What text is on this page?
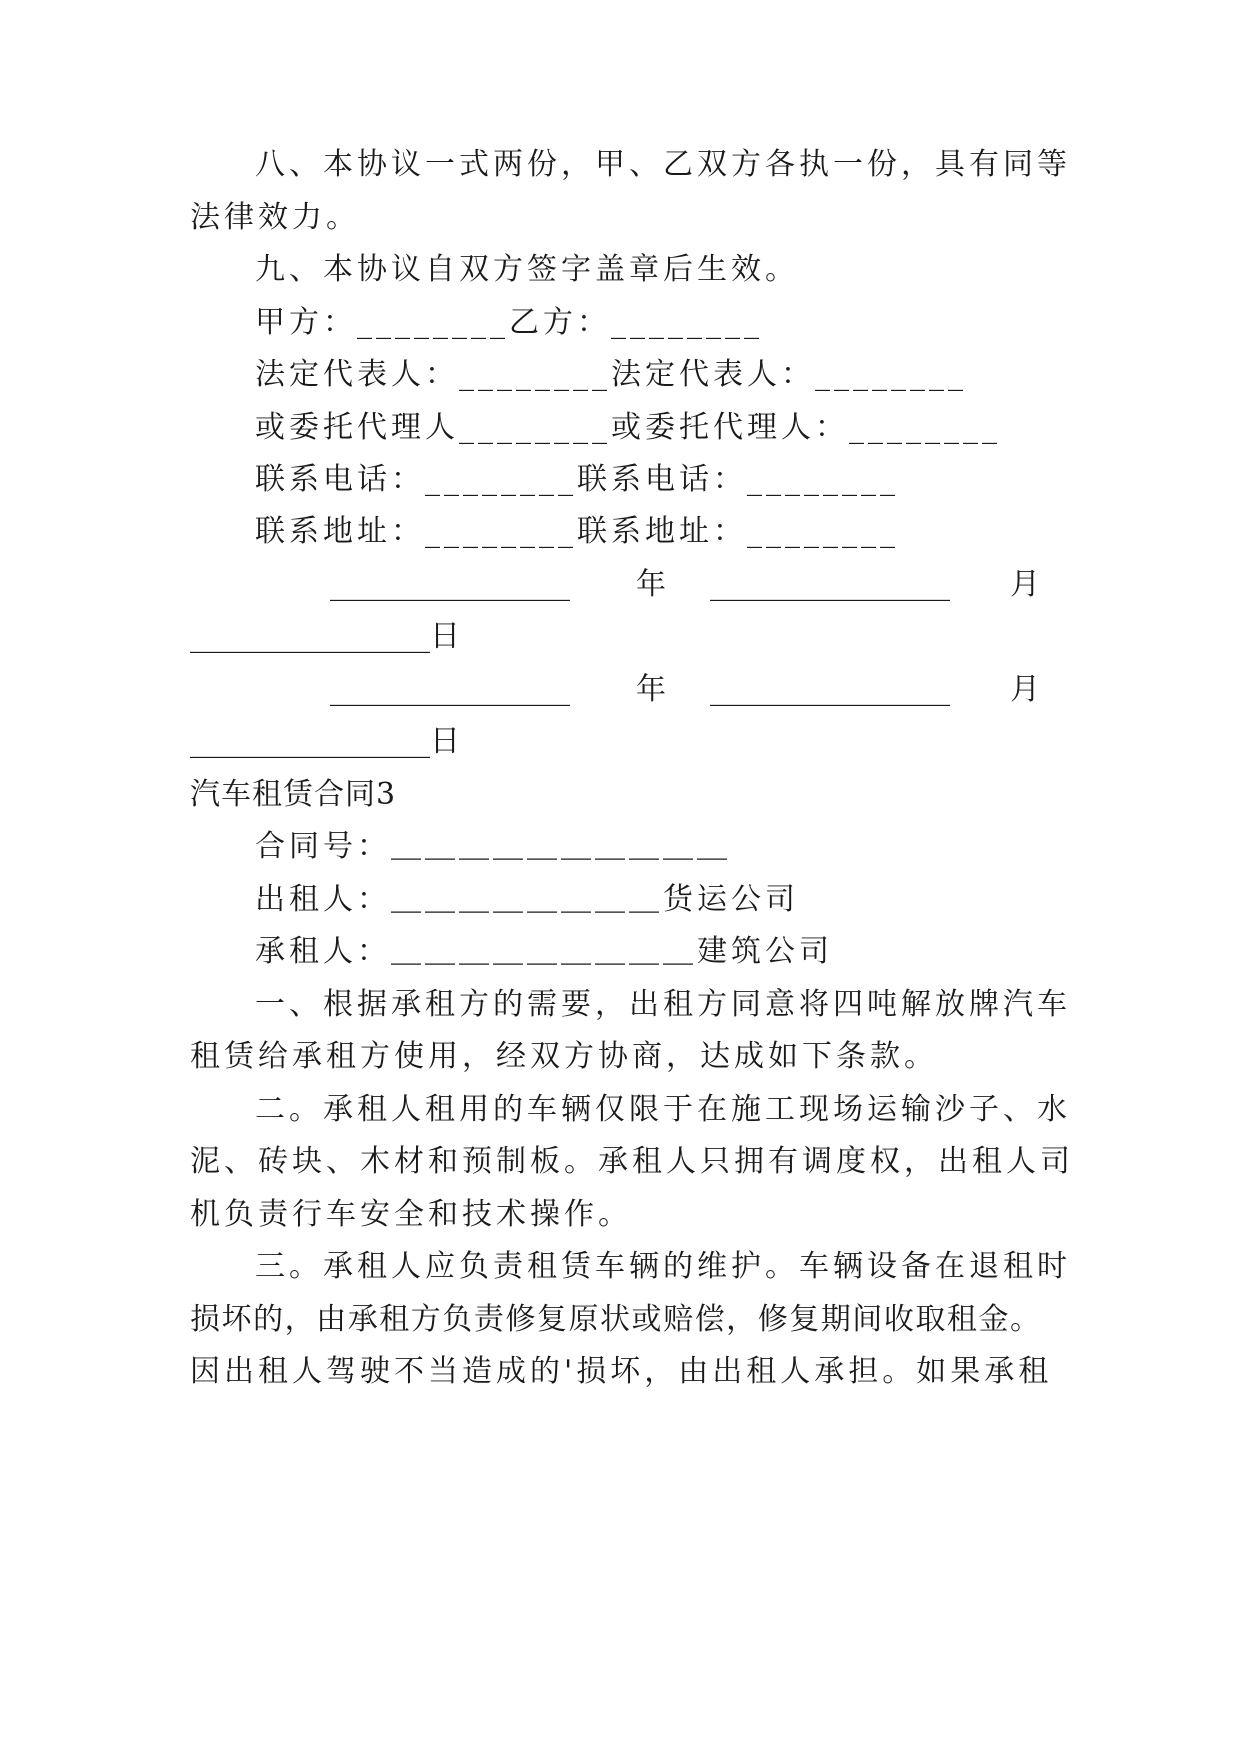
八、本协议一式两份，甲、乙双方各执一份，具有同等
法律效力。
九、本协议自双方签字盖章后生效。
甲方：________乙方：________
法定代表人：________法定代表人：________
或委托代理人________或委托代理人：________
联系电话：________联系电话：________
联系地址：________联系地址：________
________________ 年 ________________ 月
________________日
________________ 年 ________________ 月
________________日
汽车租赁合同3
合同号：＿＿＿＿＿＿＿＿＿＿
出租人：＿＿＿＿＿＿＿＿货运公司
承租人：＿＿＿＿＿＿＿＿＿建筑公司
一、根据承租方的需要，出租方同意将四吨解放牌汽车
租赁给承租方使用，经双方协商，达成如下条款。
二。承租人租用的车辆仅限于在施工现场运输沙子、水
泥、砖块、木材和预制板。承租人只拥有调度权，出租人司
机负责行车安全和技术操作。
三。承租人应负责租赁车辆的维护。车辆设备在退租时
损坏的，由承租方负责修复原状或赔偿，修复期间收取租金。
因出租人驾驶不当造成的'损坏，由出租人承担。如果承租
